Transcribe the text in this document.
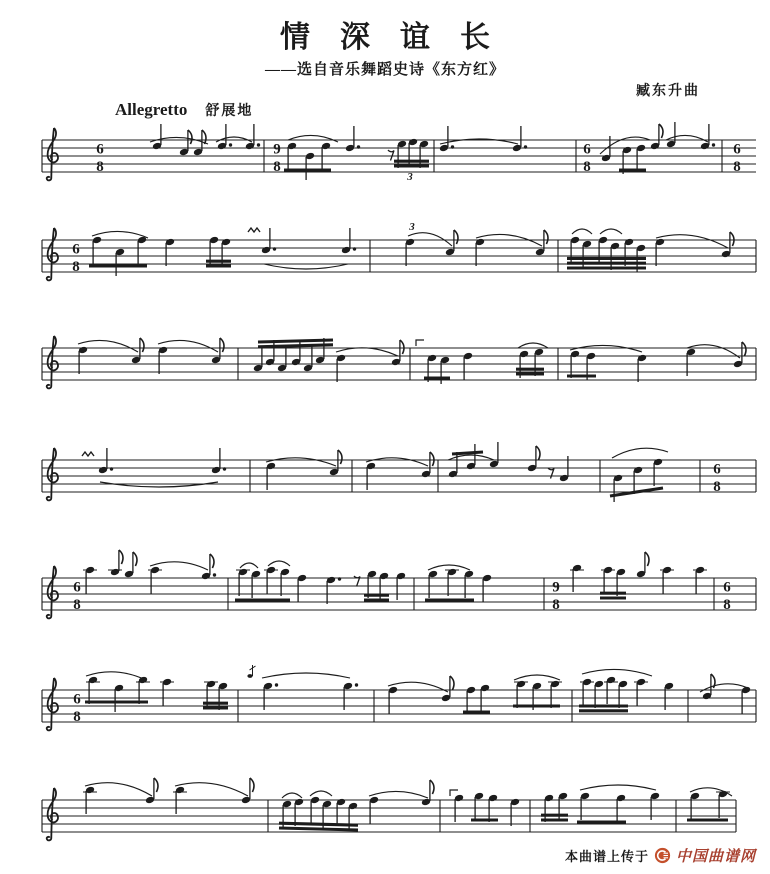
情深谊长
——选自音乐舞蹈史诗《东方红》
臧东升曲
Allegretto 舒展地
6
8
9
8
3
6
8
6
8
6
8
3
6
8
6
8
9
8
6
8
6
8
本曲谱上传于 中国曲谱网
